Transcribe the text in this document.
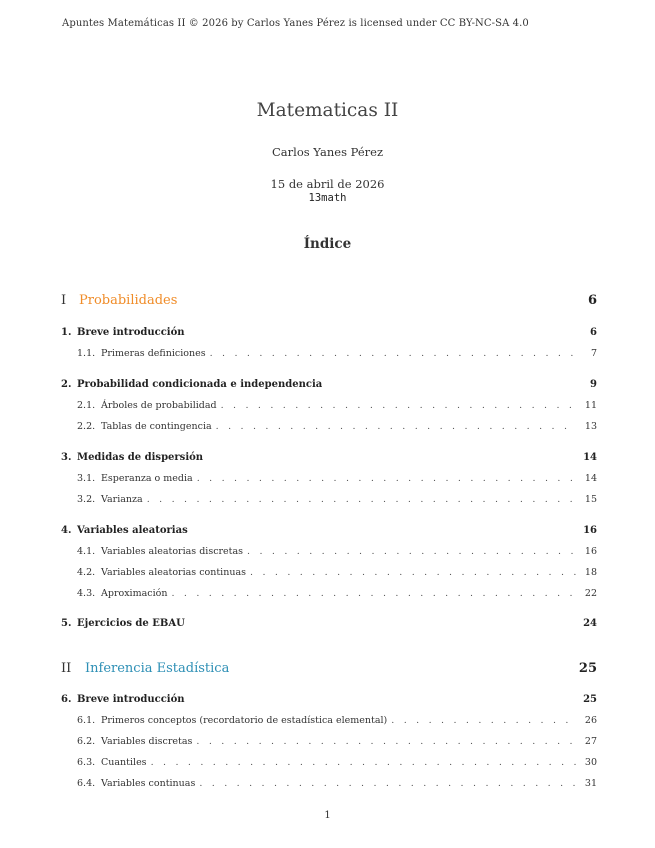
Apuntes Matemáticas II © 2026 by Carlos Yanes Pérez is licensed under CC BY-NC-SA 4.0
Matematicas II
Carlos Yanes Pérez
15 de abril de 2026
13math
Índice
I Probabilidades	6
1. Breve introducción	6
1.1. Primeras definiciones . . .	7
2. Probabilidad condicionada e independencia	9
2.1. Árboles de probabilidad . . .	11
2.2. Tablas de contingencia . . .	13
3. Medidas de dispersión	14
3.1. Esperanza o media . . .	14
3.2. Varianza . . .	15
4. Variables aleatorias	16
4.1. Variables aleatorias discretas . . .	16
4.2. Variables aleatorias continuas . . .	18
4.3. Aproximación . . .	22
5. Ejercicios de EBAU	24
II	Inferencia Estadística	25
6. Breve introducción	25
6.1. Primeros conceptos (recordatorio de estadística elemental) . . .	26
6.2. Variables discretas . . .	27
6.3. Cuantiles . . .	30
6.4. Variables continuas . . .	31
1
